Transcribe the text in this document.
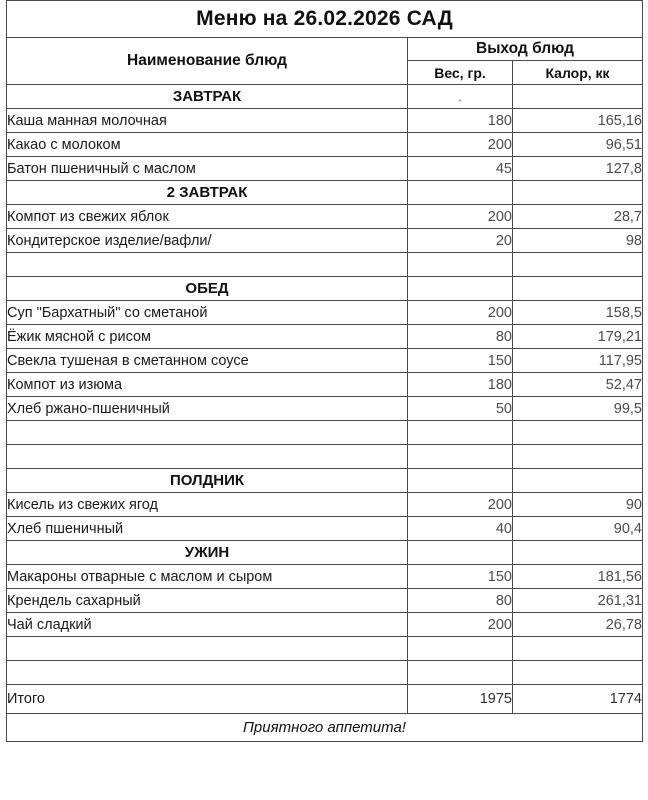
Меню на 26.02.2026 САД		
Наименование блюд	Выход блюд	
	Вес, гр.	Калор, кк
ЗАВТРАК	.	

Каша манная молочная	180	165,16
Какао с молоком	200	96,51
Батон пшеничный с маслом	45	127,8
2 ЗАВТРАК		
Компот из свежих яблок	200	28,7
Кондитерское изделие/вафли/	20	98

ОБЕД		
Суп "Бархатный" со сметаной	200	158,5
Ёжик мясной с рисом	80	179,21
Свекла тушеная в сметанном соусе	150	117,95
Компот из изюма	180	52,47
Хлеб ржано-пшеничный	50	99,5

ПОЛДНИК		
Кисель из свежих ягод	200	90
Хлеб пшеничный	40	90,4
УЖИН		
Макароны отварные с маслом и сыром	150	181,56
Крендель сахарный	80	261,31
Чай сладкий	200	26,78

Итого	1975	1774
Приятного аппетита!		
